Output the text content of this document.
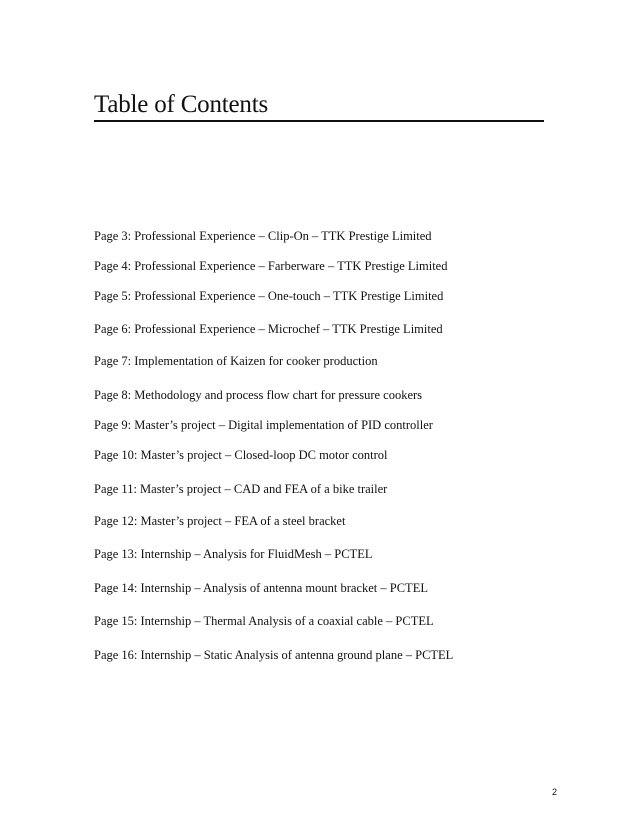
Table of Contents
Page 3: Professional Experience – Clip-On – TTK Prestige Limited
Page 4: Professional Experience – Farberware – TTK Prestige Limited
Page 5: Professional Experience – One-touch – TTK Prestige Limited
Page 6: Professional Experience – Microchef – TTK Prestige Limited
Page 7: Implementation of Kaizen for cooker production
Page 8: Methodology and process flow chart for pressure cookers
Page 9: Master’s project – Digital implementation of PID controller
Page 10: Master’s project – Closed-loop DC motor control
Page 11: Master’s project – CAD and FEA of a bike trailer
Page 12: Master’s project – FEA of a steel bracket
Page 13: Internship – Analysis for FluidMesh – PCTEL
Page 14: Internship – Analysis of antenna mount bracket – PCTEL
Page 15: Internship – Thermal Analysis of a coaxial cable – PCTEL
Page 16: Internship – Static Analysis of antenna ground plane – PCTEL
2
